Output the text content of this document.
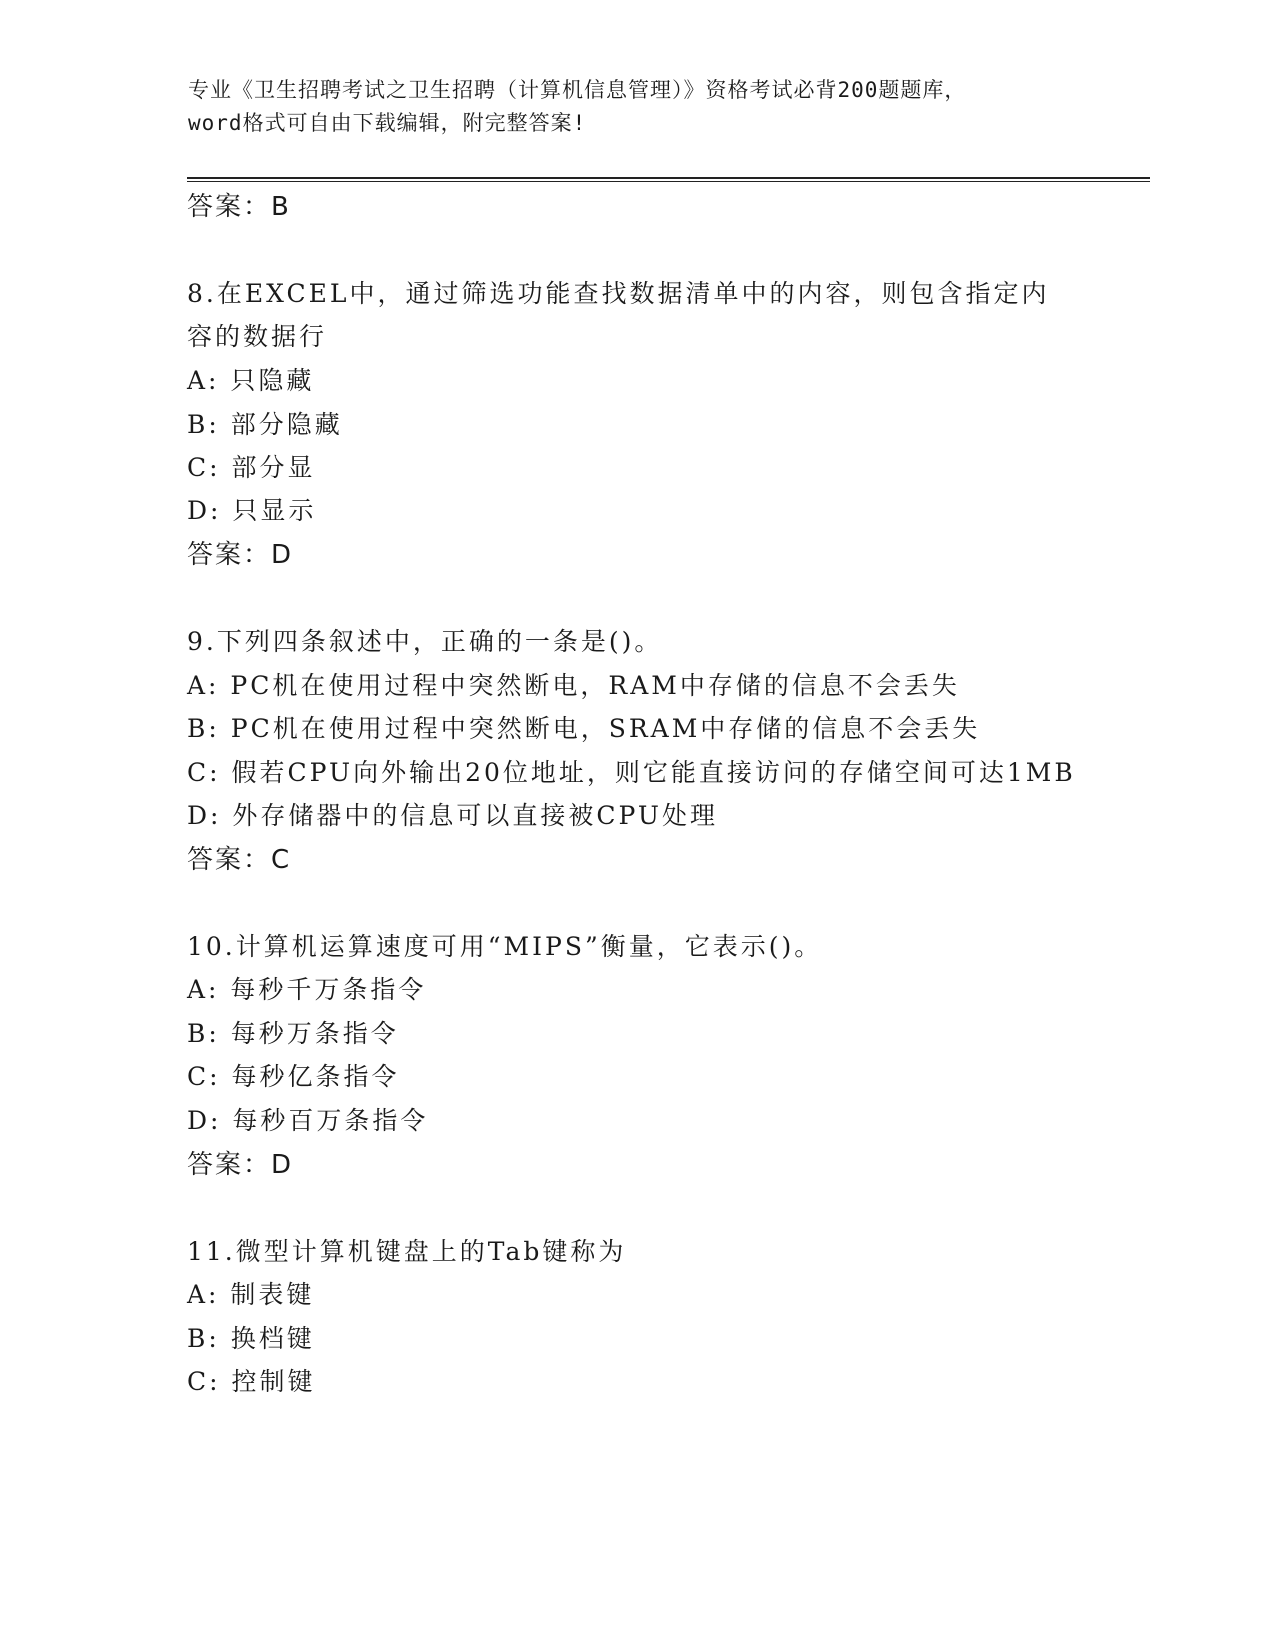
专业《卫生招聘考试之卫生招聘（计算机信息管理）》资格考试必背200题题库，
word格式可自由下载编辑，附完整答案!
答案：B
8.在EXCEL中，通过筛选功能查找数据清单中的内容，则包含指定内
容的数据行
A: 只隐藏
B: 部分隐藏
C: 部分显
D: 只显示
答案：D
9.下列四条叙述中，正确的一条是()。
A: PC机在使用过程中突然断电，RAM中存储的信息不会丢失
B: PC机在使用过程中突然断电，SRAM中存储的信息不会丢失
C: 假若CPU向外输出20位地址，则它能直接访问的存储空间可达1MB
D: 外存储器中的信息可以直接被CPU处理
答案：C
10.计算机运算速度可用“MIPS”衡量，它表示()。
A: 每秒千万条指令
B: 每秒万条指令
C: 每秒亿条指令
D: 每秒百万条指令
答案：D
11.微型计算机键盘上的Tab键称为
A: 制表键
B: 换档键
C: 控制键
